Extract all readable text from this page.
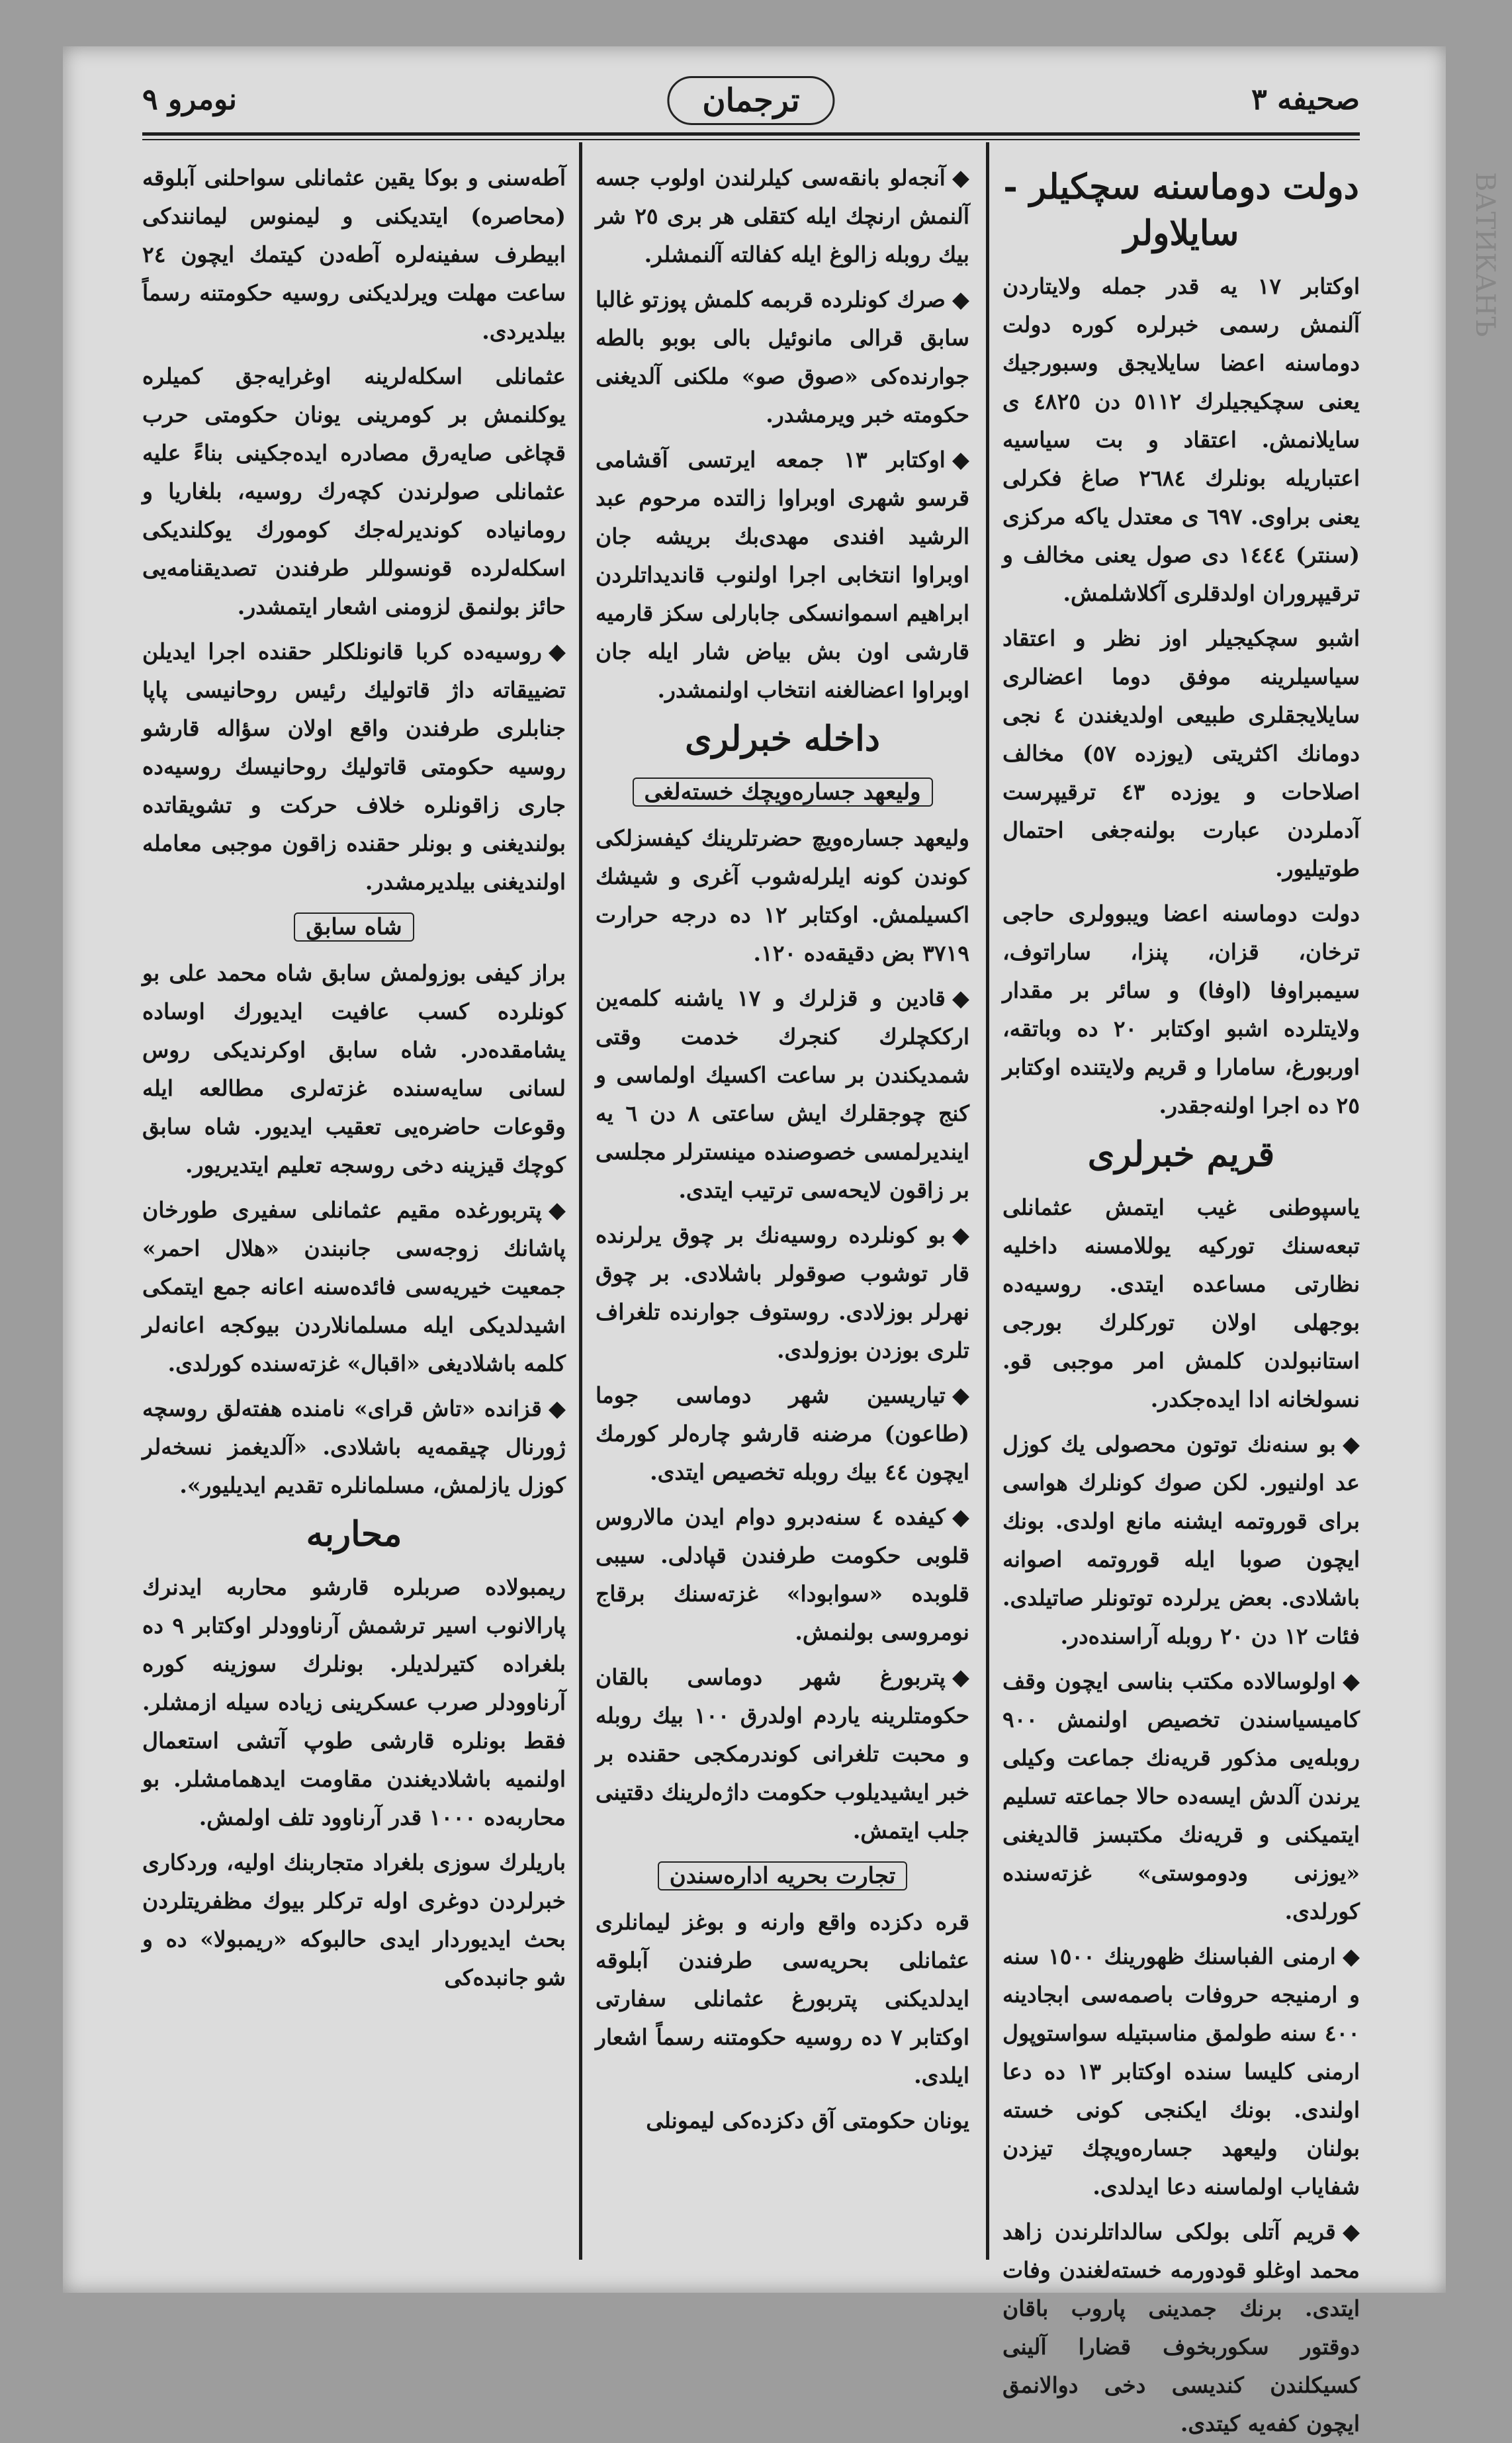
ВАТИКАНЪ
صحیفه ٣
ترجمان
نومرو ٩
دولت دوماسنه سچکیلر - سایلاولر

اوکتابر ١٧ یه قدر جمله ولایتاردن آلنمش رسمی خبرلره کوره دولت دوماسنه اعضا سایلایجق وسبورجیك یعنی سچکیجیلرك ٥١١٢ دن ٤٨٢٥ ی سایلانمش. اعتقاد و بت سیاسیه اعتباریله بونلرك ٢٦٨٤ صاغ فکرلی یعنی براوی. ٦٩٧ ی معتدل یاکه مرکزی (سنتر) ١٤٤٤ دی صول یعنی مخالف و ترقیپروران اولدقلری آکلاشلمش.

اشبو سچکیجیلر اوز نظر و اعتقاد سیاسیلرینه موفق دوما اعضالری سایلایجقلری طبیعی اولدیغندن ٤ نجی دومانك اکثریتی (یوزده ٥٧) مخالف اصلاحات و یوزده ٤٣ ترقیپرست آدملردن عبارت بولنه‌جغی احتمال طوتیلیور.

دولت دوماسنه اعضا ویبوولری حاجی ترخان، قزان، پنزا، ساراتوف، سیمبراوفا (اوفا) و سائر بر مقدار ولایتلرده اشبو اوکتابر ٢٠ ده وباتقه، اوربورغ، سامارا و قریم ولایتنده اوکتابر ٢٥ ده اجرا اولنه‌جقدر.

قریم خبرلری

یاسپوطنی غیب ایتمش عثمانلی تبعه‌سنك توركیه یوللامسنه داخلیه نظارتی مساعده ایتدی. روسیه‌ده بوجهلی اولان تورکلرك بورجی استانبولدن کلمش امر موجبی قو. نسولخانه ادا ایده‌جکدر.

◆بو سنه‌نك توتون محصولی یك کوزل عد اولنیور. لکن صوك کونلرك هواسی برای قوروتمه ایشنه مانع اولدی. بونك ایچون صوبا ایله قوروتمه اصوانه باشلادی. بعض یرلرده توتونلر صاتیلدی. فئات ١٢ دن ٢٠ روبله آراسنده‌در.

◆اولوسالاده مکتب بناسی ایچون وقف کامیسیاسندن تخصیص اولنمش ٩٠٠ روبله‌یی مذکور قریه‌نك جماعت وکیلی یرندن آلدش ایسه‌ده حالا جماعته تسلیم ایتمیکنی و قریه‌نك مکتبسز قالدیغنی «یوزنی ودوموستی» غزته‌سنده کورلدی.

◆ارمنی الفباسنك ظهورینك ١٥٠٠ سنه و ارمنیجه حروفات باصمه‌سی ابجادینه ٤٠٠ سنه طولمق مناسبتیله سواستوپول ارمنی کلیسا سنده اوکتابر ١٣ ده دعا اولندی. بونك ایکنجی کونی خسته بولنان ولیعهد جساره‌ویچك تیزدن شفایاب اولماسنه دعا ایدلدی.

◆قریم آتلی بولکی سالداتلرندن زاهد محمد اوغلو قودورمه خسته‌لغندن وفات ایتدی. برنك جمدینی پاروب باقان دوقتور سکوربخوف قضارا آلینی کسیکلندن کندیسی دخی دوالانمق ایچون کفه‌یه کیتدی.

◆آنجه‌لو بانقه‌سی کیلرلندن اولوب جسه آلنمش ارنچك ایله کتقلی هر بری ٢٥ شر بیك روبله زالوغ ایله کفالته آلنمشلر.

◆صرك کونلرده قربمه کلمش پوزتو غالبا سابق قرالی مانوئیل بالی بوبو بالطه جوارنده‌کی «صوق صو» ملکنی آلدیغنی حکومته خبر ویرمشدر.

◆اوکتابر ١٣ جمعه ایرتسی آقشامی قرسو شهری اوبراوا زالتده مرحوم عبد الرشید افندی مهدی‌بك بریشه جان اوبراوا انتخابی اجرا اولنوب قاندیداتلردن ابراهیم اسموانسکی جابارلی سکز قارمیه قارشی اون بش بیاض شار ایله جان اوبراوا اعضالغنه انتخاب اولنمشدر.

داخله خبرلری
ولیعهد جساره‌ویچك خسته‌لغی

ولیعهد جساره‌ویچ حضرتلرینك کیفسزلکی کوندن کونه ایلرله‌شوب آغری و شیشك اکسیلمش. اوکتابر ١٢ ده درجه حرارت ٣٧١٩ بض دقیقه‌ده ١٢٠.

◆قادین و قزلرك و ١٧ یاشنه کلمه‌ین ارککچلرك کنجرك خدمت وقتی شمدیکندن بر ساعت اکسیك اولماسی و کنج چوجقلرك ایش ساعتی ٨ دن ٦ یه ایندیرلمسی خصوصنده مینسترلر مجلسی بر زاقون لایحه‌سی ترتیب ایتدی.

◆بو کونلرده روسیه‌نك بر چوق یرلرنده قار توشوب صوقولر باشلادی. بر چوق نهرلر بوزلادی. روستوف جوارنده تلغراف تلری بوزدن بوزولدی.

◆تیاریسین شهر دوماسی جوما (طاعون) مرضنه قارشو چاره‌لر کورمك ایچون ٤٤ بیك روبله تخصیص ایتدی.

◆کیفده ٤ سنه‌دبرو دوام ایدن مالاروس قلوبی حکومت طرفندن قپادلی. سیبی قلوبده «سوابودا» غزته‌سنك برقاج نومروسی بولنمش.

◆پتربورغ شهر دوماسی بالقان حکومتلرینه یاردم اولدرق ١٠٠ بیك روبله و محبت تلغرانی کوندرمکجی حقنده بر خبر ایشیدیلوب حکومت داژه‌لرینك دقتینی جلب ایتمش.

تجارت بحریه اداره‌سندن

قره دکزده واقع وارنه و بوغز لیمانلری عثمانلی بحریه‌سی طرفندن آبلوقه ایدلدیکنی پتربورغ عثمانلی سفارتی اوکتابر ٧ ده روسیه حکومتنه رسماً اشعار ایلدی.

یونان حکومتی آق دکزده‌کی لیمونلی

آطه‌سنی و بوکا یقین عثمانلی سواحلنی آبلوقه (محاصره) ایتدیکنی و لیمنوس لیمانندکی ابیطرف سفینه‌لره آطه‌دن کیتمك ایچون ٢٤ ساعت مهلت ویرلدیکنی روسیه حکومتنه رسماً بیلدیردی.

عثمانلی اسکله‌لرینه اوغرایه‌جق کمیلره یوکلنمش بر کومرینی یونان حکومتی حرب قچاغی صایه‌رق مصادره ایده‌جکینی بناءً علیه عثمانلی صولرندن کچه‌رك روسیه، بلغاریا و رومانیاده کوندیرله‌جك کومورك یوکلندیکی اسکله‌لرده قونسوللر طرفندن تصدیقنامه‌یی حائز بولنمق لزومنی اشعار ایتمشدر.

◆روسیه‌ده کربا قانونلکلر حقنده اجرا ایدیلن تضییقاته داژ قاتولیك رئیس روحانیسی پاپا جنابلری طرفندن واقع اولان سؤاله قارشو روسیه حکومتی قاتولیك روحانیسك روسیه‌ده جاری زاقونلره خلاف حرکت و تشویقاتده بولندیغنی و بونلر حقنده زاقون موجبی معامله اولندیغنی بیلدیرمشدر.

شاه سابق

براز کیفی بوزولمش سابق شاه محمد علی بو کونلرده کسب عافیت ایدیورك اوسادە یشامقده‌در. شاه سابق اوکرندیکی روس لسانی سایه‌سنده غزته‌لری مطالعه ایله وقوعات حاضره‌یی تعقیب ایدیور. شاه سابق کوچك قیزینه دخی روسجه تعلیم ایتدیریور.

◆پتربورغده مقیم عثمانلی سفیری طورخان پاشانك زوجه‌سی جانبندن «هلال احمر» جمعیت خیریه‌سی فائده‌سنه اعانه جمع ایتمکی اشیدلدیکی ایله مسلمانلاردن بیوکجه اعانه‌لر کلمه باشلادیغی «اقبال» غزته‌سنده کورلدی.

◆قزانده «تاش قرای» نامنده هفته‌لق روسچه ژورنال چیقمه‌یه باشلادی. «آلدیغمز نسخه‌لر کوزل یازلمش، مسلمانلره تقدیم ایدیلیور».

محاربه

ریمبولاده صربلره قارشو محاربه ایدنرك پارالانوب اسیر ترشمش آرناوودلر اوکتابر ٩ ده بلغراده کتیرلدیلر. بونلرك سوزینه کوره آرناوودلر صرب عسکرینی زیاده سیله ازمشلر. فقط بونلره قارشی طوپ آتشی استعمال اولنمیه باشلادیغندن مقاومت ایدهمامشلر. بو محاربه‌ده ١٠٠٠ قدر آرناوود تلف اولمش.

باریلرك سوزی بلغراد متجاربنك اولیه، وردکاری خبرلردن دوغری اوله ترکلر بیوك مظفریتلردن بحث ایدیوردار ایدی حالبوکه «ریمبولا» ده و شو جانبده‌کی
